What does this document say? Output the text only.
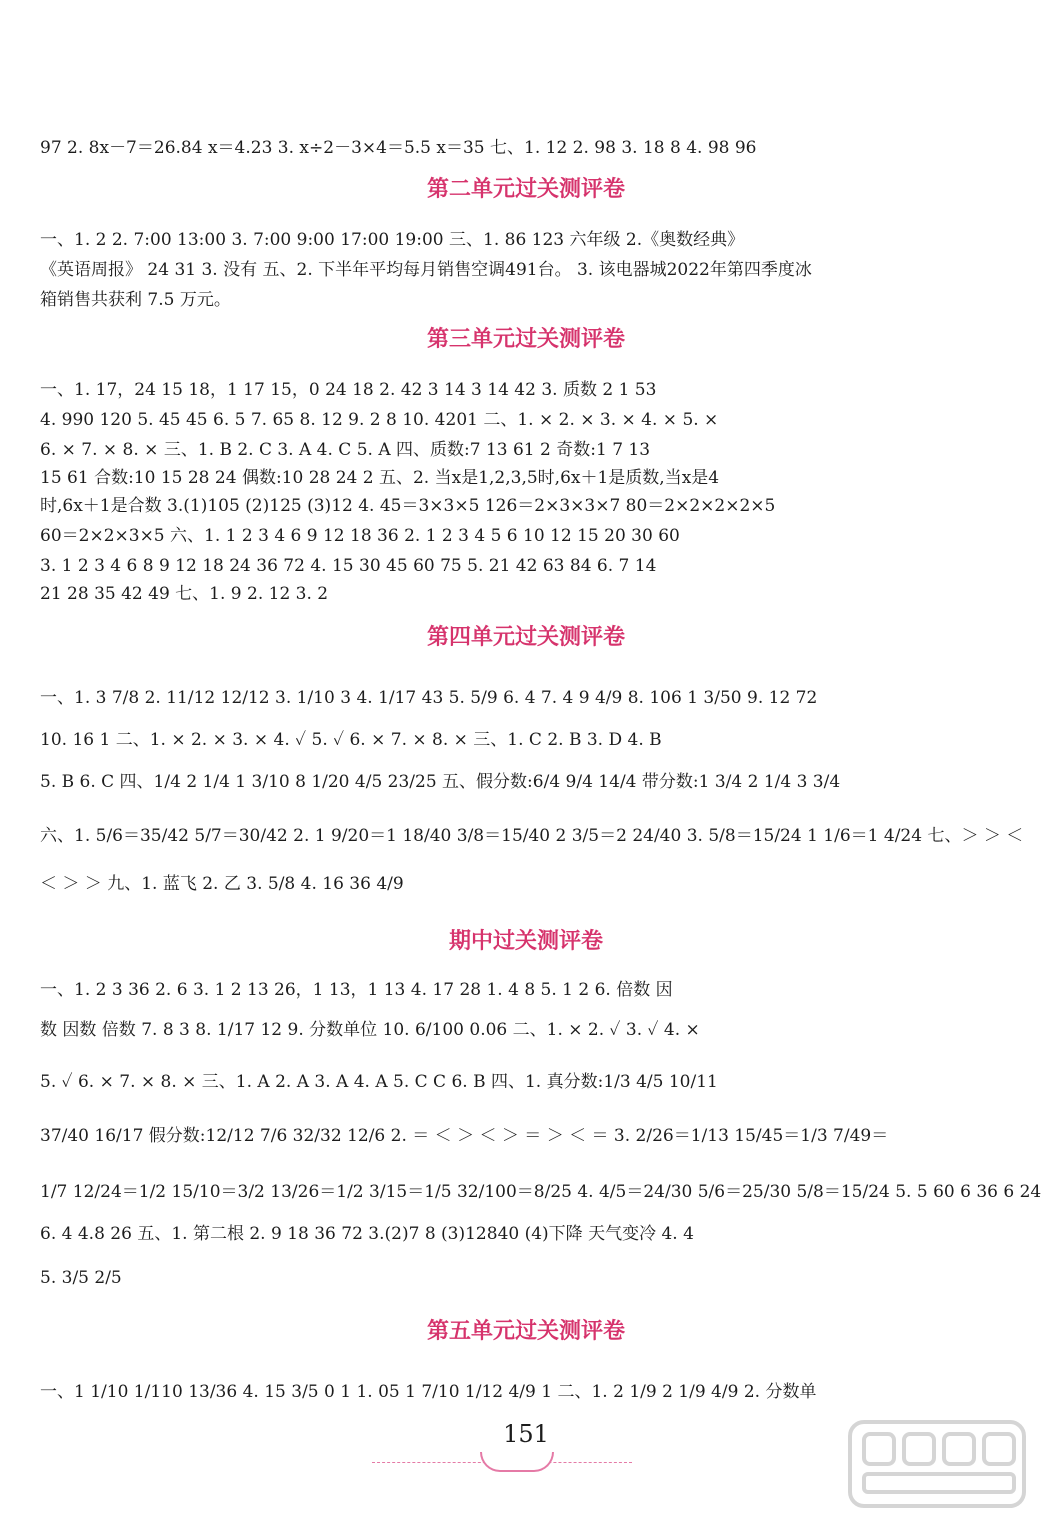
97 2. 8x－7＝26.84 x＝4.23 3. x÷2－3×4＝5.5 x＝35 七、1. 12 2. 98 3. 18 8 4. 98 96
第二单元过关测评卷
一、1. 2 2. 7:00 13:00 3. 7:00 9:00 17:00 19:00 三、1. 86 123 六年级 2.《奥数经典》
《英语周报》 24 31 3. 没有 五、2. 下半年平均每月销售空调491台。 3. 该电器城2022年第四季度冰
箱销售共获利 7.5 万元。
第三单元过关测评卷
一、1. 17，24 15 18，1 17 15，0 24 18 2. 42 3 14 3 14 42 3. 质数 2 1 53
4. 990 120 5. 45 45 6. 5 7. 65 8. 12 9. 2 8 10. 4201 二、1. × 2. × 3. × 4. × 5. ×
6. × 7. × 8. × 三、1. B 2. C 3. A 4. C 5. A 四、质数:7 13 61 2 奇数:1 7 13
15 61 合数:10 15 28 24 偶数:10 28 24 2 五、2. 当x是1,2,3,5时,6x＋1是质数,当x是4
时,6x＋1是合数 3.(1)105 (2)125 (3)12 4. 45＝3×3×5 126＝2×3×3×7 80＝2×2×2×2×5
60＝2×2×3×5 六、1. 1 2 3 4 6 9 12 18 36 2. 1 2 3 4 5 6 10 12 15 20 30 60
3. 1 2 3 4 6 8 9 12 18 24 36 72 4. 15 30 45 60 75 5. 21 42 63 84 6. 7 14
21 28 35 42 49 七、1. 9 2. 12 3. 2
第四单元过关测评卷
一、1. 3 7/8 2. 11/12 12/12 3. 1/10 3 4. 1/17 43 5. 5/9 6. 4 7. 4 9 4/9 8. 106 1 3/50 9. 12 72
10. 16 1 二、1. × 2. × 3. × 4. ✓ 5. ✓ 6. × 7. × 8. × 三、1. C 2. B 3. D 4. B
5. B 6. C 四、1/4 2 1/4 1 3/10 8 1/20 4/5 23/25 五、假分数:6/4 9/4 14/4 带分数:1 3/4 2 1/4 3 3/4
六、1. 5/6＝35/42 5/7＝30/42 2. 1 9/20＝1 18/40 3/8＝15/40 2 3/5＝2 24/40 3. 5/8＝15/24 1 1/6＝1 4/24 七、＞ ＞ ＜
＜ ＞ ＞ 九、1. 蓝飞 2. 乙 3. 5/8 4. 16 36 4/9
期中过关测评卷
一、1. 2 3 36 2. 6 3. 1 2 13 26，1 13，1 13 4. 17 28 1. 4 8 5. 1 2 6. 倍数 因
数 因数 倍数 7. 8 3 8. 1/17 12 9. 分数单位 10. 6/100 0.06 二、1. × 2. ✓ 3. ✓ 4. ×
5. ✓ 6. × 7. × 8. × 三、1. A 2. A 3. A 4. A 5. C C 6. B 四、1. 真分数:1/3 4/5 10/11
37/40 16/17 假分数:12/12 7/6 32/32 12/6 2. ＝ ＜ ＞ ＜ ＞ ＝ ＞ ＜ ＝ 3. 2/26＝1/13 15/45＝1/3 7/49＝
1/7 12/24＝1/2 15/10＝3/2 13/26＝1/2 3/15＝1/5 32/100＝8/25 4. 4/5＝24/30 5/6＝25/30 5/8＝15/24 5. 5 60 6 36 6 24
6. 4 4.8 26 五、1. 第二根 2. 9 18 36 72 3.(2)7 8 (3)12840 (4)下降 天气变冷 4. 4
5. 3/5 2/5
第五单元过关测评卷
一、1 1/10 1/110 13/36 4. 15 3/5 0 1 1. 05 1 7/10 1/12 4/9 1 二、1. 2 1/9 2 1/9 4/9 2. 分数单
151
